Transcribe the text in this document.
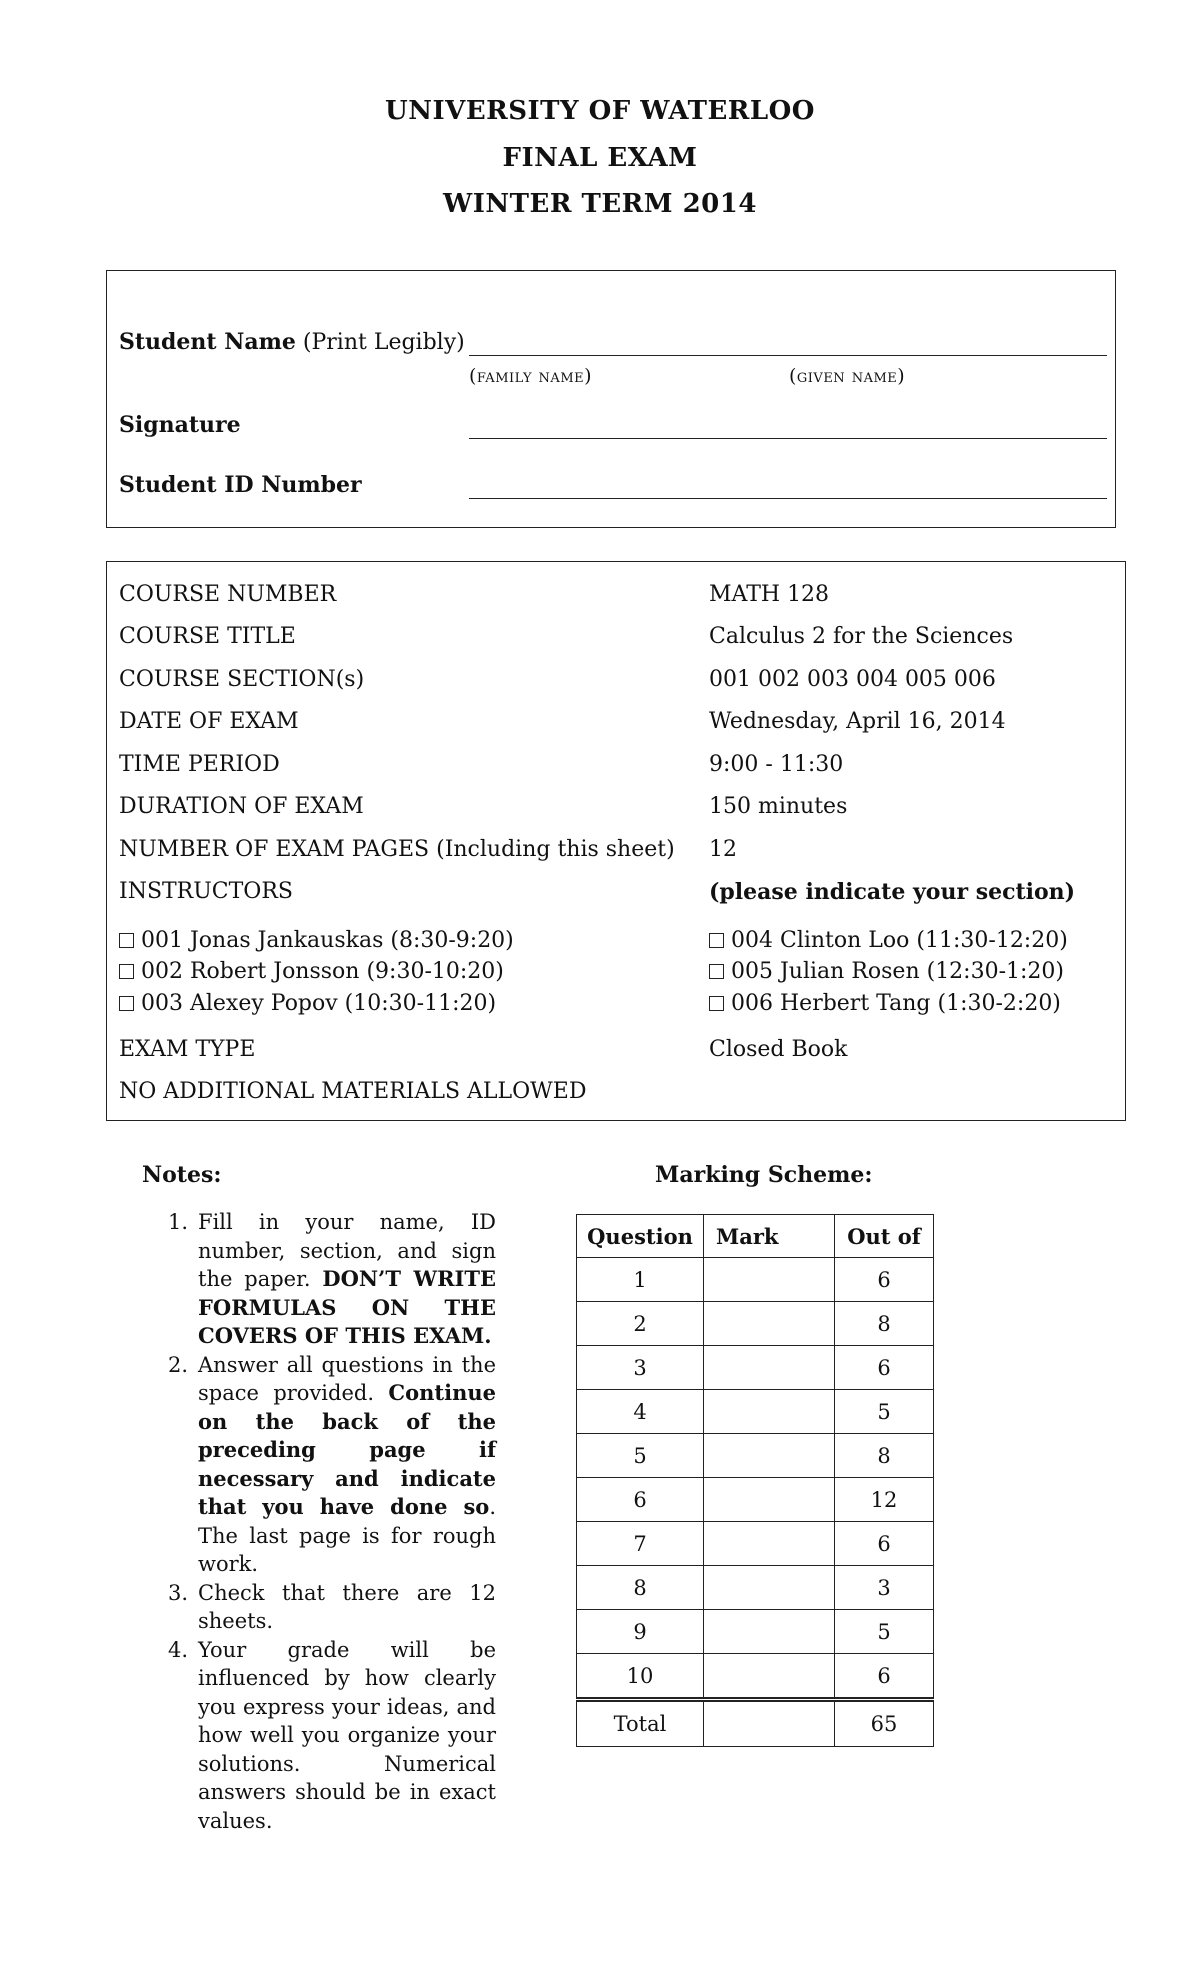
UNIVERSITY OF WATERLOO
FINAL EXAM
WINTER TERM 2014
Student Name (Print Legibly)
(family name)	(given name)
Signature
Student ID Number
COURSE NUMBER	MATH 128
COURSE TITLE	Calculus 2 for the Sciences
COURSE SECTION(s)	001 002 003 004 005 006
DATE OF EXAM	Wednesday, April 16, 2014
TIME PERIOD	9:00 - 11:30
DURATION OF EXAM	150 minutes
NUMBER OF EXAM PAGES (Including this sheet) 12
INSTRUCTORS	(please indicate your section)
001 Jonas Jankauskas (8:30-9:20)
002 Robert Jonsson (9:30-10:20)
003 Alexey Popov (10:30-11:20)
004 Clinton Loo (11:30-12:20)
005 Julian Rosen (12:30-1:20)
006 Herbert Tang (1:30-2:20)
EXAM TYPE	Closed Book
NO ADDITIONAL MATERIALS ALLOWED
Notes:
1. Fill in your name, ID number, section, and sign the paper. DON’T WRITE FORMULAS ON THE COVERS OF THIS EXAM.
2. Answer all questions in the space provided. Continue on the back of the preceding page if necessary and indicate that you have done so. The last page is for rough work.
3. Check that there are 12 sheets.
4. Your grade will be influenced by how clearly you express your ideas, and how well you organize your solutions. Numerical answers should be in exact values.
Marking Scheme:
Question	Mark	Out of
1		6
2		8
3		6
4		5
5		8
6		12
7		6
8		3
9		5
10		6
Total		65
